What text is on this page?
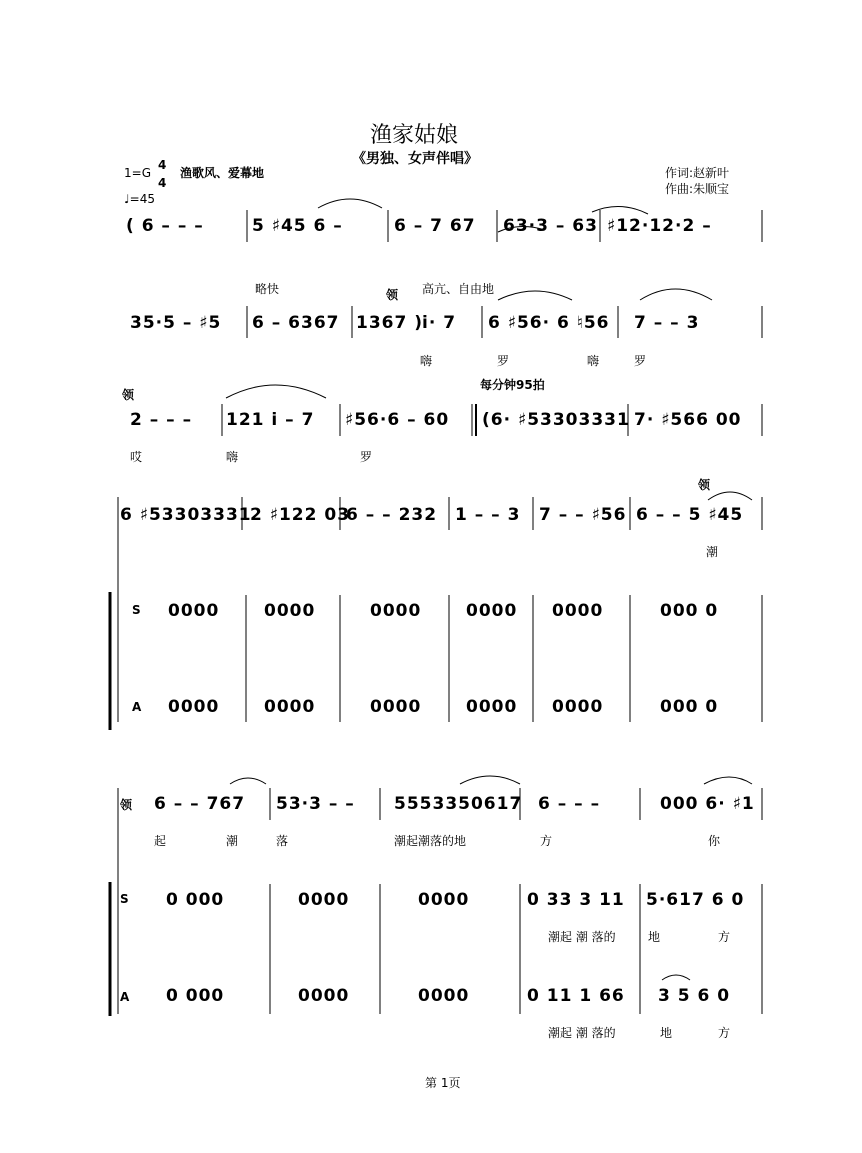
渔家姑娘
《男独、女声伴唱》
1=G
4
4
渔歌风、爱幕地
♩=45
作词:赵新叶
作曲:朱顺宝
( 6 – – –	5 ♯45 6 –	6 – 7 67 63·3 – 63 ♯12·12·2 –
略快	领 高亢、自由地
35·5 – ♯5 6 – 6367 1367 )
i· 7 6 ♯56· 6 ♮56 7 – – 3
嗨	罗	嗨	罗
领
每分钟95拍
2 – – – 121 i – 7 ♯56·6 – 60 (6· ♯53303331 7· ♯566 00
哎	嗨	罗
领
6 ♯53303331
2 ♯122 03
6 – – 232 1 – – 3 7 – – ♯56 6 – – 5 ♯45
潮
S 0000	0000	0000	0000 0000	000 0
A 0000	0000	0000	0000 0000	000 0
领 6 – – 767 53·3 – – 5553350617 6 – – –	000 6· ♯1
起	潮	落	潮起潮落的地	方	你
S 0 000	0000	0000	0 33 3 11 5·617 6 0
潮起 潮 落的	地	方
A 0 000	0000	0000	0 11 1 66 3 5 6 0
潮起 潮 落的	地	方
第 1页
